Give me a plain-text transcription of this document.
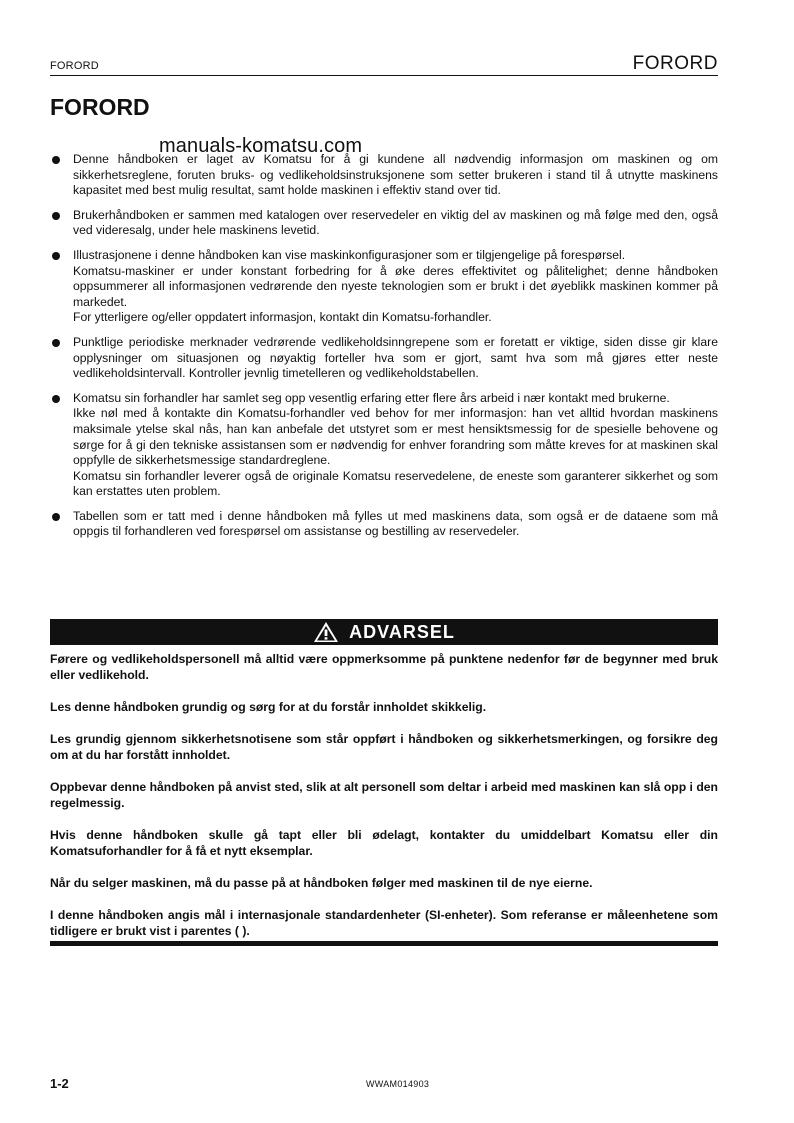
FORORD	FORORD
FORORD
manuals-komatsu.com

Denne håndboken er laget av Komatsu for å gi kundene all nødvendig informasjon om maskinen og om sikkerhetsreglene, foruten bruks- og vedlikeholdsinstruksjonene som setter brukeren i stand til å utnytte maskinens kapasitet med best mulig resultat, samt holde maskinen i effektiv stand over tid.

Brukerhåndboken er sammen med katalogen over reservedeler en viktig del av maskinen og må følge med den, også ved videresalg, under hele maskinens levetid.

Illustrasjonene i denne håndboken kan vise maskinkonfigurasjoner som er tilgjengelige på forespørsel.

Komatsu-maskiner er under konstant forbedring for å øke deres effektivitet og pålitelighet; denne håndboken oppsummerer all informasjonen vedrørende den nyeste teknologien som er brukt i det øyeblikk maskinen kommer på markedet.

For ytterligere og/eller oppdatert informasjon, kontakt din Komatsu-forhandler.

Punktlige periodiske merknader vedrørende vedlikeholdsinngrepene som er foretatt er viktige, siden disse gir klare opplysninger om situasjonen og nøyaktig forteller hva som er gjort, samt hva som må gjøres etter neste vedlikeholdsintervall. Kontroller jevnlig timetelleren og vedlikeholdstabellen.

Komatsu sin forhandler har samlet seg opp vesentlig erfaring etter flere års arbeid i nær kontakt med brukerne.

Ikke nøl med å kontakte din Komatsu-forhandler ved behov for mer informasjon: han vet alltid hvordan maskinens maksimale ytelse skal nås, han kan anbefale det utstyret som er mest hensiktsmessig for de spesielle behovene og sørge for å gi den tekniske assistansen som er nødvendig for enhver forandring som måtte kreves for at maskinen skal oppfylle de sikkerhetsmessige standardreglene.

Komatsu sin forhandler leverer også de originale Komatsu reservedelene, de eneste som garanterer sikkerhet og som kan erstattes uten problem.

Tabellen som er tatt med i denne håndboken må fylles ut med maskinens data, som også er de dataene som må oppgis til forhandleren ved forespørsel om assistanse og bestilling av reservedeler.

ADVARSEL

Førere og vedlikeholdspersonell må alltid være oppmerksomme på punktene nedenfor før de begynner med bruk eller vedlikehold.

Les denne håndboken grundig og sørg for at du forstår innholdet skikkelig.

Les grundig gjennom sikkerhetsnotisene som står oppført i håndboken og sikkerhetsmerkingen, og forsikre deg om at du har forstått innholdet.

Oppbevar denne håndboken på anvist sted, slik at alt personell som deltar i arbeid med maskinen kan slå opp i den regelmessig.

Hvis denne håndboken skulle gå tapt eller bli ødelagt, kontakter du umiddelbart Komatsu eller din Komatsuforhandler for å få et nytt eksemplar.

Når du selger maskinen, må du passe på at håndboken følger med maskinen til de nye eierne.

I denne håndboken angis mål i internasjonale standardenheter (SI-enheter). Som referanse er måleenhetene som tidligere er brukt vist i parentes ( ).

1-2	WWAM014903
